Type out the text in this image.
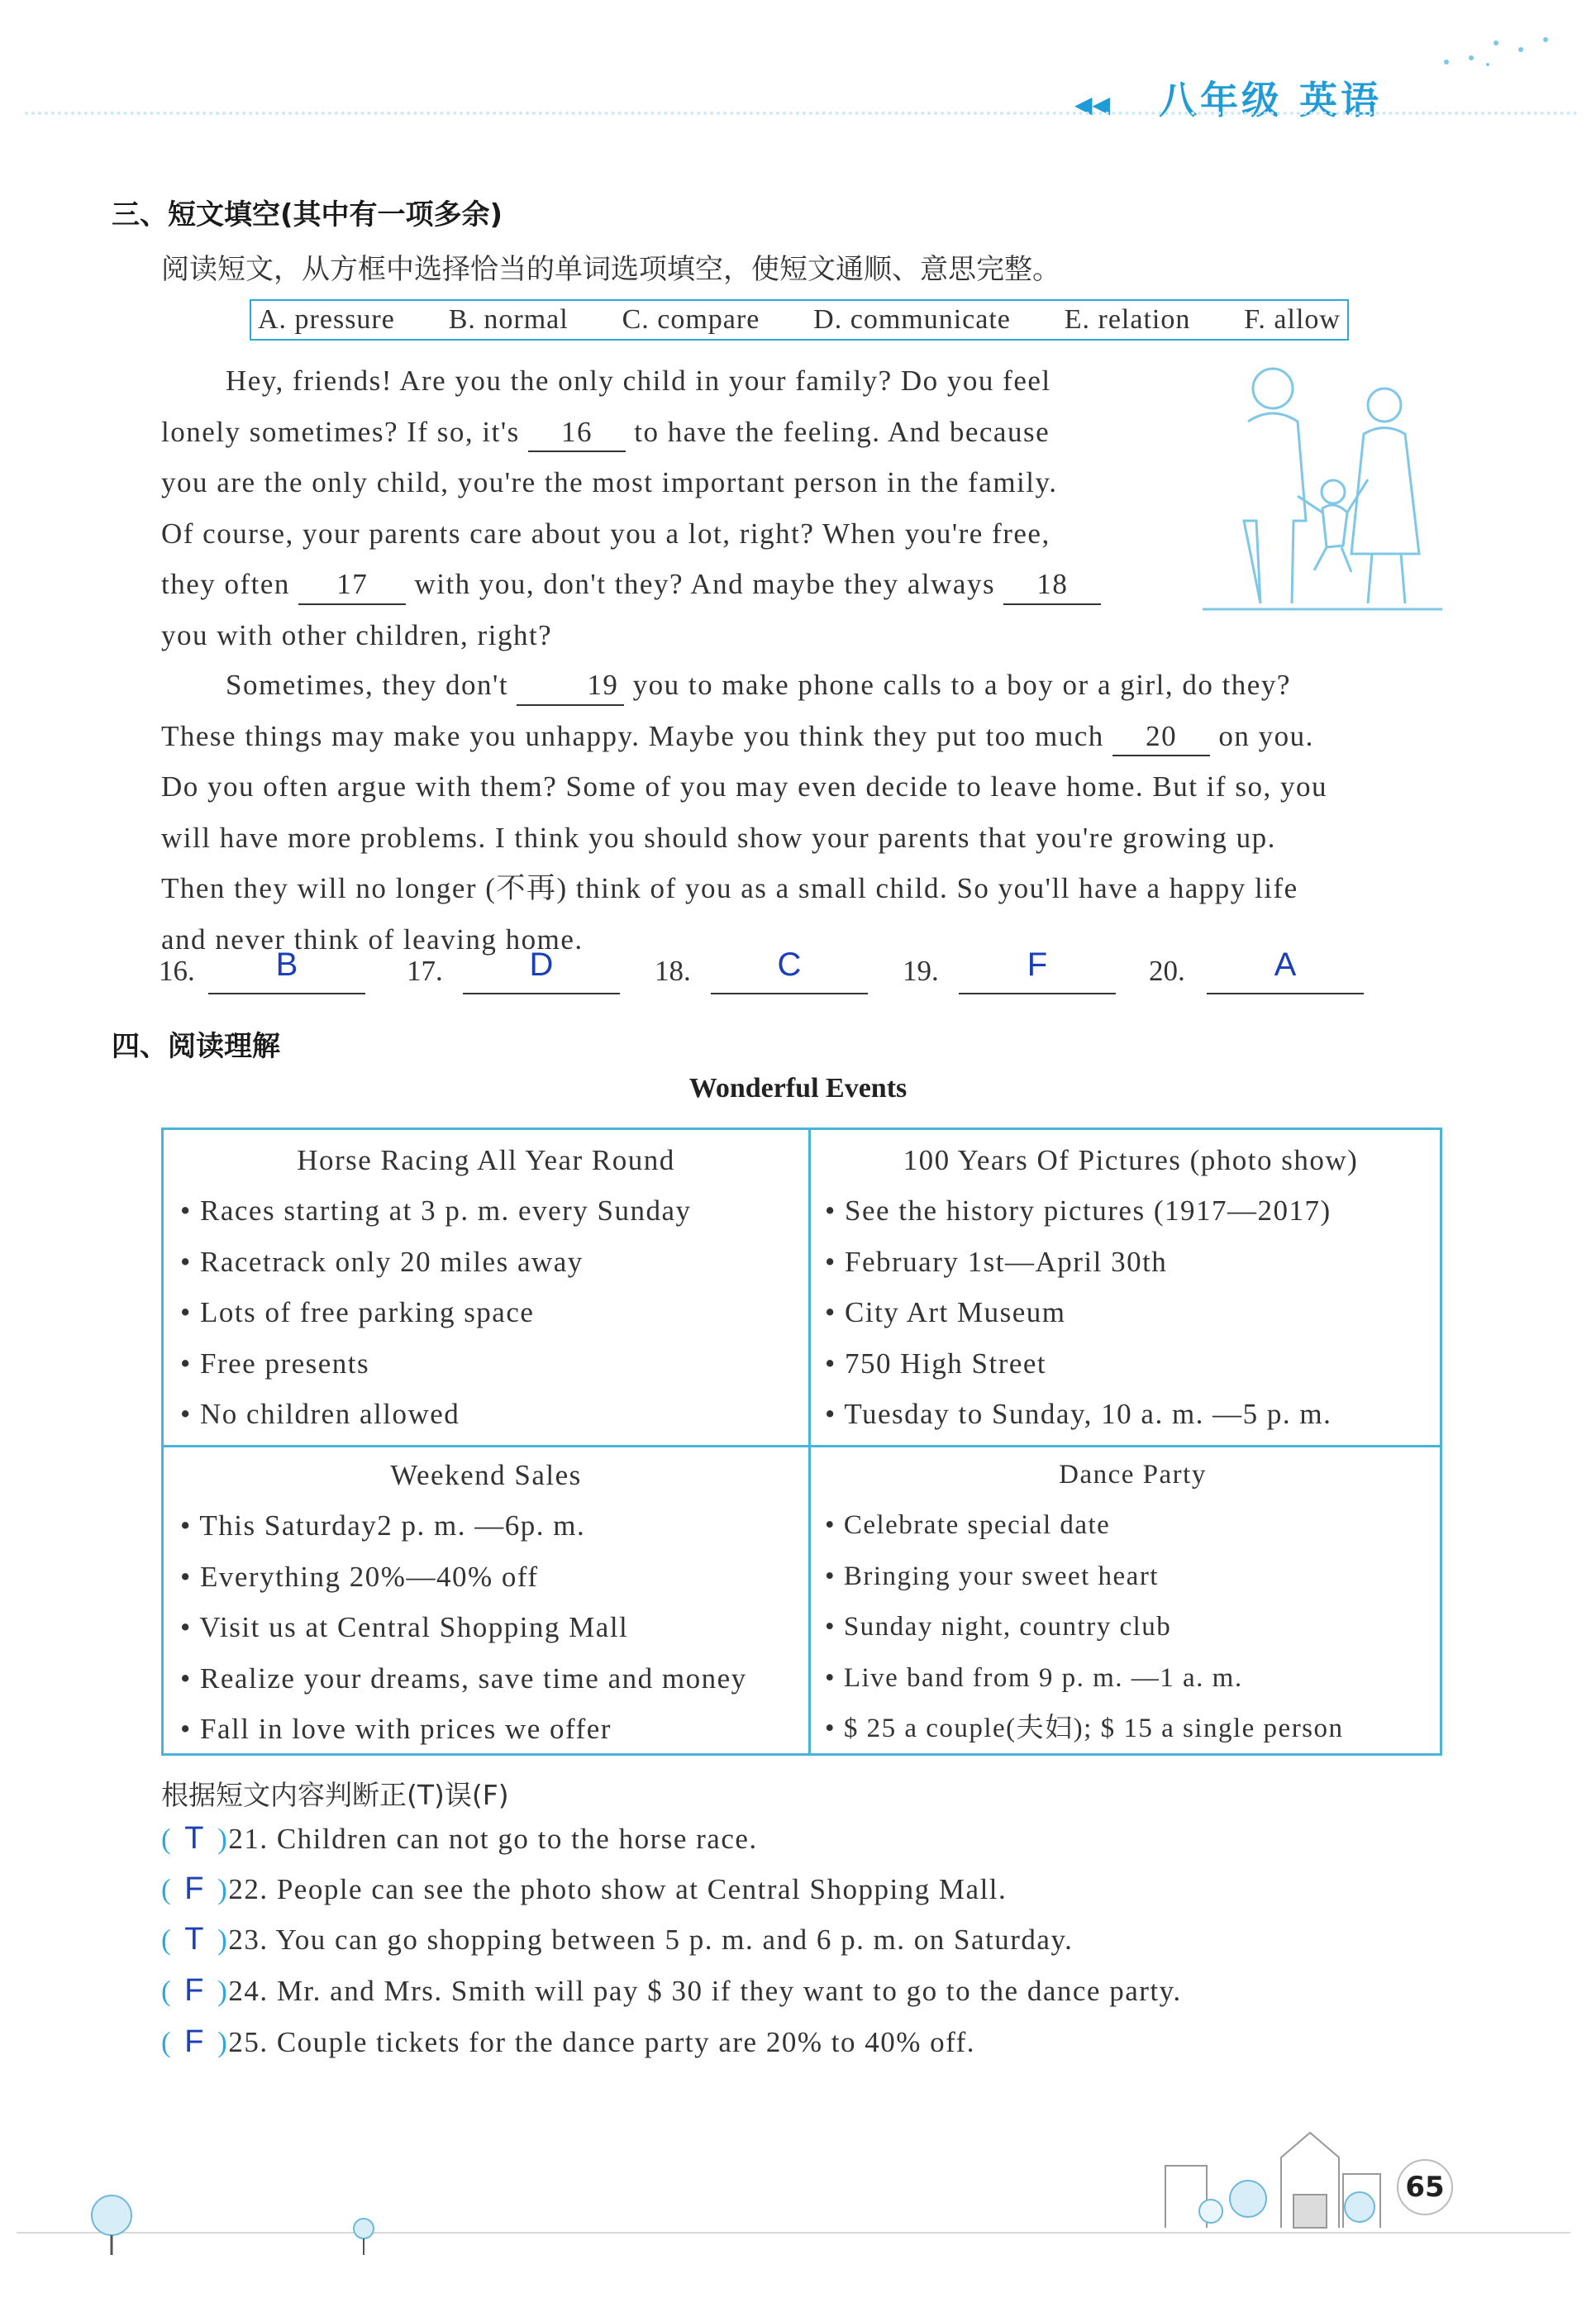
◀◀ 八年级 英语
三、短文填空(其中有一项多余)
阅读短文，从方框中选择恰当的单词选项填空，使短文通顺、意思完整。
A. pressure B. normal C. compare D. communicate E. relation F. allow
Hey, friends! Are you the only child in your family? Do you feel
lonely sometimes? If so, it's 16 to have the feeling. And because
you are the only child, you're the most important person in the family.
Of course, your parents care about you a lot, right? When you're free,
they often 17 with you, don't they? And maybe they always 18
you with other children, right?
Sometimes, they don't	19 you to make phone calls to a boy or a girl, do they?
These things may make you unhappy. Maybe you think they put too much 20 on you.
Do you often argue with them? Some of you may even decide to leave home. But if so, you
will have more problems. I think you should show your parents that you're growing up.
Then they will no longer (不再) think of you as a small child. So you'll have a happy life
and never think of leaving home.
16.	B	17.	D	18.	C	19.	F	20.	A
四、阅读理解
Wonderful Events
Horse Racing All Year Round
• Races starting at 3 p. m. every Sunday
• Racetrack only 20 miles away
• Lots of free parking space
• Free presents
• No children allowed
100 Years Of Pictures (photo show)
• See the history pictures (1917—2017)
• February 1st—April 30th
• City Art Museum
• 750 High Street
• Tuesday to Sunday, 10 a. m. —5 p. m.
Weekend Sales
• This Saturday2 p. m. —6p. m.
• Everything 20%—40% off
• Visit us at Central Shopping Mall
• Realize your dreams, save time and money
• Fall in love with prices we offer
Dance Party
• Celebrate special date
• Bringing your sweet heart
• Sunday night, country club
• Live band from 9 p. m. —1 a. m.
• $ 25 a couple(夫妇); $ 15 a single person
根据短文内容判断正(T)误(F)
( T )21. Children can not go to the horse race.
( F )22. People can see the photo show at Central Shopping Mall.
( T )23. You can go shopping between 5 p. m. and 6 p. m. on Saturday.
( F )24. Mr. and Mrs. Smith will pay $ 30 if they want to go to the dance party.
( F )25. Couple tickets for the dance party are 20% to 40% off.
65
